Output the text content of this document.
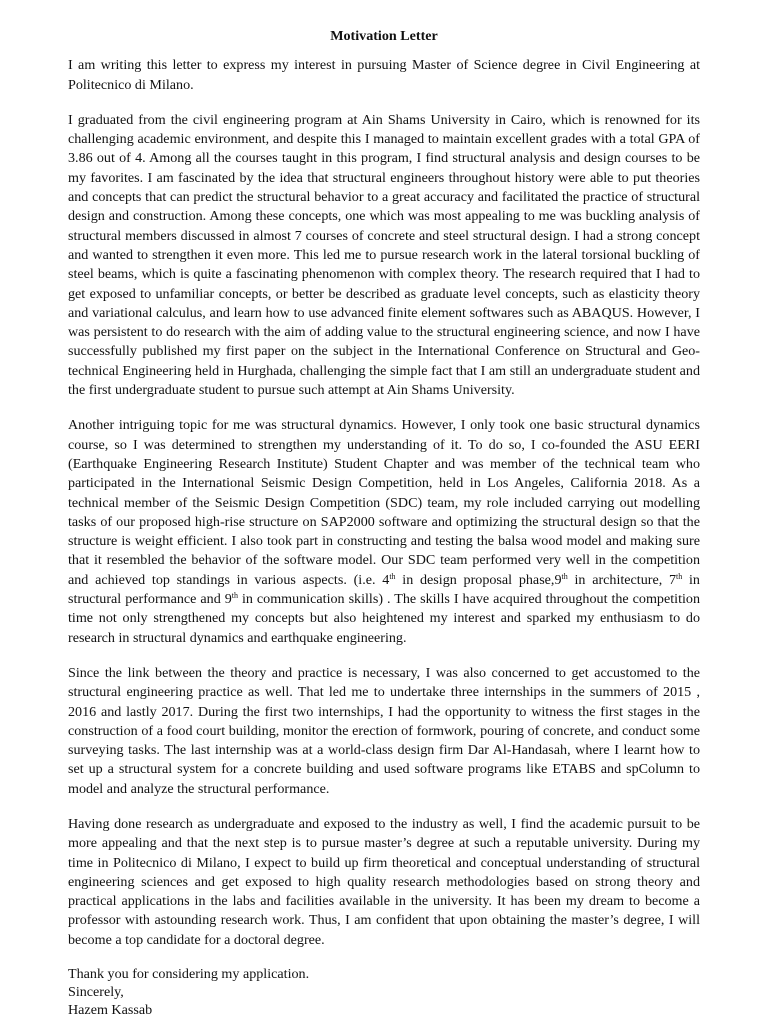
Motivation Letter

I am writing this letter to express my interest in pursuing Master of Science degree in Civil Engineering at Politecnico di Milano.

I graduated from the civil engineering program at Ain Shams University in Cairo, which is renowned for its challenging academic environment, and despite this I managed to maintain excellent grades with a total GPA of 3.86 out of 4. Among all the courses taught in this program, I find structural analysis and design courses to be my favorites. I am fascinated by the idea that structural engineers throughout history were able to put theories and concepts that can predict the structural behavior to a great accuracy and facilitated the practice of structural design and construction. Among these concepts, one which was most appealing to me was buckling analysis of structural members discussed in almost 7 courses of concrete and steel structural design. I had a strong concept and wanted to strengthen it even more. This led me to pursue research work in the lateral torsional buckling of steel beams, which is quite a fascinating phenomenon with complex theory. The research required that I had to get exposed to unfamiliar concepts, or better be described as graduate level concepts, such as elasticity theory and variational calculus, and learn how to use advanced finite element softwares such as ABAQUS. However, I was persistent to do research with the aim of adding value to the structural engineering science, and now I have successfully published my first paper on the subject in the International Conference on Structural and Geo-technical Engineering held in Hurghada, challenging the simple fact that I am still an undergraduate student and the first undergraduate student to pursue such attempt at Ain Shams University.

Another intriguing topic for me was structural dynamics. However, I only took one basic structural dynamics course, so I was determined to strengthen my understanding of it. To do so, I co-founded the ASU EERI (Earthquake Engineering Research Institute) Student Chapter and was member of the technical team who participated in the International Seismic Design Competition, held in Los Angeles, California 2018. As a technical member of the Seismic Design Competition (SDC) team, my role included carrying out modelling tasks of our proposed high-rise structure on SAP2000 software and optimizing the structural design so that the structure is weight efficient. I also took part in constructing and testing the balsa wood model and making sure that it resembled the behavior of the software model. Our SDC team performed very well in the competition and achieved top standings in various aspects. (i.e. 4th in design proposal phase,9th in architecture, 7th in structural performance and 9th in communication skills) . The skills I have acquired throughout the competition time not only strengthened my concepts but also heightened my interest and sparked my enthusiasm to do research in structural dynamics and earthquake engineering.

Since the link between the theory and practice is necessary, I was also concerned to get accustomed to the structural engineering practice as well. That led me to undertake three internships in the summers of 2015 , 2016 and lastly 2017. During the first two internships, I had the opportunity to witness the first stages in the construction of a food court building, monitor the erection of formwork, pouring of concrete, and conduct some surveying tasks. The last internship was at a world-class design firm Dar Al-Handasah, where I learnt how to set up a structural system for a concrete building and used software programs like ETABS and spColumn to model and analyze the structural performance.

Having done research as undergraduate and exposed to the industry as well, I find the academic pursuit to be more appealing and that the next step is to pursue master’s degree at such a reputable university. During my time in Politecnico di Milano, I expect to build up firm theoretical and conceptual understanding of structural engineering sciences and get exposed to high quality research methodologies based on strong theory and practical applications in the labs and facilities available in the university. It has been my dream to become a professor with astounding research work. Thus, I am confident that upon obtaining the master’s degree, I will become a top candidate for a doctoral degree.

Thank you for considering my application.
Sincerely,
Hazem Kassab
